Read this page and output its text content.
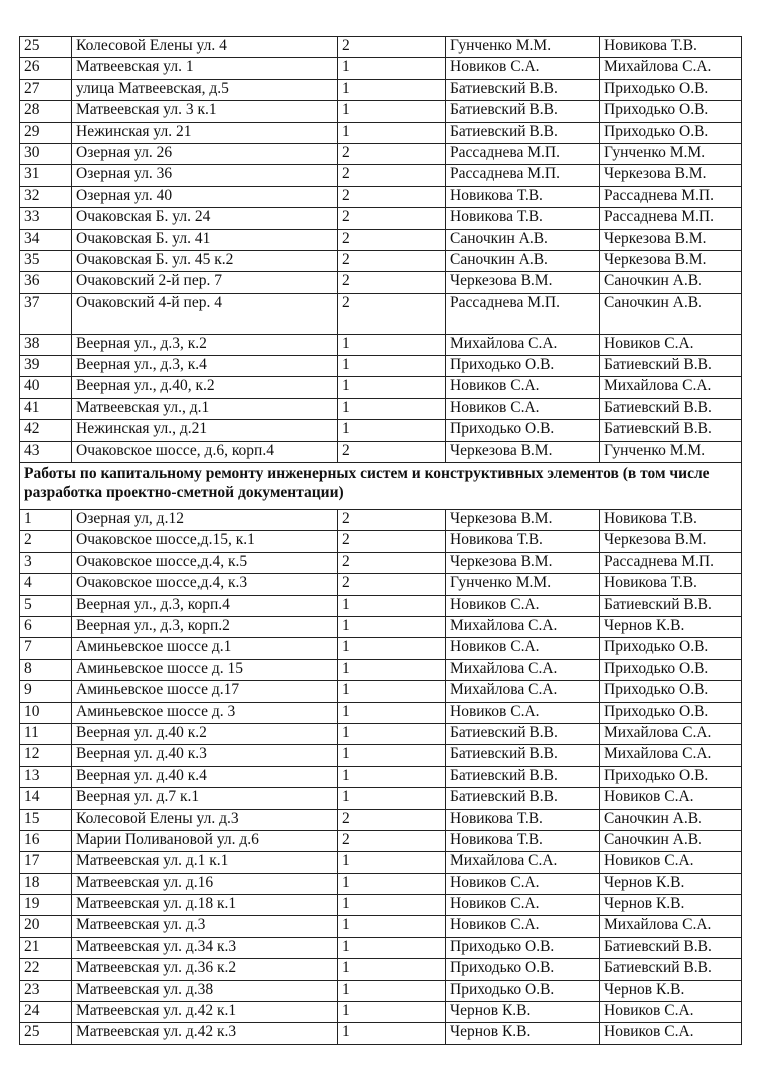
25	Колесовой Елены ул. 4	2	Гунченко М.М.	Новикова Т.В.
26	Матвеевская ул. 1	1	Новиков С.А.	Михайлова С.А.
27	улица Матвеевская, д.5	1	Батиевский В.В.	Приходько О.В.
28	Матвеевская ул. 3 к.1	1	Батиевский В.В.	Приходько О.В.
29	Нежинская ул. 21	1	Батиевский В.В.	Приходько О.В.
30	Озерная ул. 26	2	Рассаднева М.П.	Гунченко М.М.
31	Озерная ул. 36	2	Рассаднева М.П.	Черкезова В.М.
32	Озерная ул. 40	2	Новикова Т.В.	Рассаднева М.П.
33	Очаковская Б. ул. 24	2	Новикова Т.В.	Рассаднева М.П.
34	Очаковская Б. ул. 41	2	Саночкин А.В.	Черкезова В.М.
35	Очаковская Б. ул. 45 к.2	2	Саночкин А.В.	Черкезова В.М.
36	Очаковский 2-й пер. 7	2	Черкезова В.М.	Саночкин А.В.
37	Очаковский 4-й пер. 4	2	Рассаднева М.П.	Саночкин А.В.
38	Веерная ул., д.3, к.2	1	Михайлова С.А.	Новиков С.А.
39	Веерная ул., д.3, к.4	1	Приходько О.В.	Батиевский В.В.
40	Веерная ул., д.40, к.2	1	Новиков С.А.	Михайлова С.А.
41	Матвеевская ул., д.1	1	Новиков С.А.	Батиевский В.В.
42	Нежинская ул., д.21	1	Приходько О.В.	Батиевский В.В.
43	Очаковское шоссе, д.6, корп.4	2	Черкезова В.М.	Гунченко М.М.
Работы по капитальному ремонту инженерных систем и конструктивных элементов (в том числе разработка проектно-сметной документации)				
1	Озерная ул, д.12	2	Черкезова В.М.	Новикова Т.В.
2	Очаковское шоссе,д.15, к.1	2	Новикова Т.В.	Черкезова В.М.
3	Очаковское шоссе,д.4, к.5	2	Черкезова В.М.	Рассаднева М.П.
4	Очаковское шоссе,д.4, к.3	2	Гунченко М.М.	Новикова Т.В.
5	Веерная ул., д.3, корп.4	1	Новиков С.А.	Батиевский В.В.
6	Веерная ул., д.3, корп.2	1	Михайлова С.А.	Чернов К.В.
7	Аминьевское шоссе д.1	1	Новиков С.А.	Приходько О.В.
8	Аминьевское шоссе д. 15	1	Михайлова С.А.	Приходько О.В.
9	Аминьевское шоссе д.17	1	Михайлова С.А.	Приходько О.В.
10	Аминьевское шоссе д. 3	1	Новиков С.А.	Приходько О.В.
11	Веерная ул. д.40 к.2	1	Батиевский В.В.	Михайлова С.А.
12	Веерная ул. д.40 к.3	1	Батиевский В.В.	Михайлова С.А.
13	Веерная ул. д.40 к.4	1	Батиевский В.В.	Приходько О.В.
14	Веерная ул. д.7 к.1	1	Батиевский В.В.	Новиков С.А.
15	Колесовой Елены ул. д.3	2	Новикова Т.В.	Саночкин А.В.
16	Марии Поливановой ул. д.6	2	Новикова Т.В.	Саночкин А.В.
17	Матвеевская ул. д.1 к.1	1	Михайлова С.А.	Новиков С.А.
18	Матвеевская ул. д.16	1	Новиков С.А.	Чернов К.В.
19	Матвеевская ул. д.18 к.1	1	Новиков С.А.	Чернов К.В.
20	Матвеевская ул. д.3	1	Новиков С.А.	Михайлова С.А.
21	Матвеевская ул. д.34 к.3	1	Приходько О.В.	Батиевский В.В.
22	Матвеевская ул. д.36 к.2	1	Приходько О.В.	Батиевский В.В.
23	Матвеевская ул. д.38	1	Приходько О.В.	Чернов К.В.
24	Матвеевская ул. д.42 к.1	1	Чернов К.В.	Новиков С.А.
25	Матвеевская ул. д.42 к.3	1	Чернов К.В.	Новиков С.А.
